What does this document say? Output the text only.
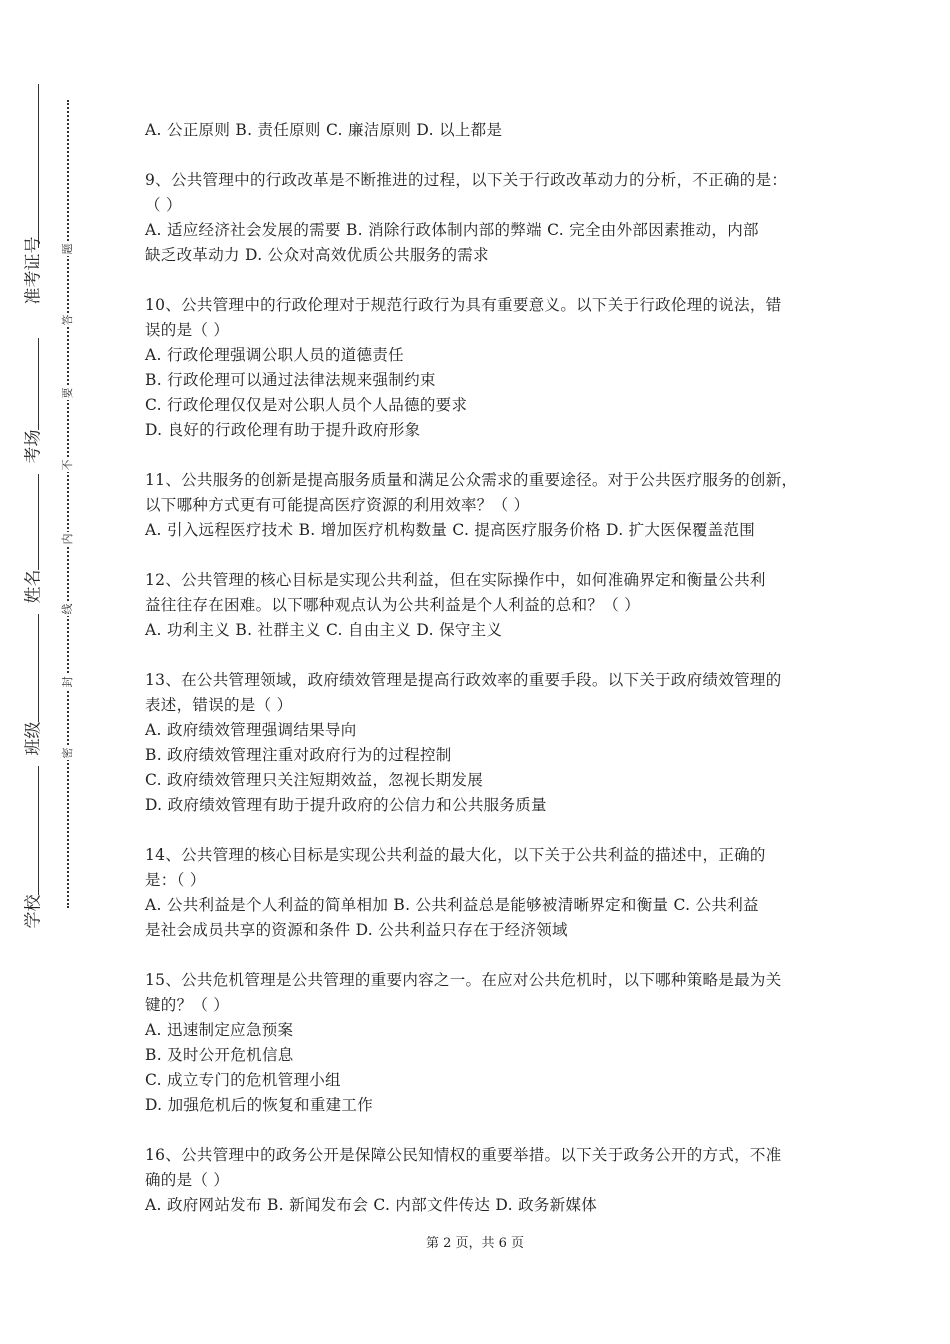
准考证号
考场
姓名
班级
学校
题
答
要
不
内
线
封
密

A. 公正原则 B. 责任原则 C. 廉洁原则 D. 以上都是

9、公共管理中的行政改革是不断推进的过程，以下关于行政改革动力的分析，不正确的是：

（ ）

A. 适应经济社会发展的需要 B. 消除行政体制内部的弊端 C. 完全由外部因素推动，内部

缺乏改革动力 D. 公众对高效优质公共服务的需求

10、公共管理中的行政伦理对于规范行政行为具有重要意义。以下关于行政伦理的说法，错

误的是（ ）

A. 行政伦理强调公职人员的道德责任

B. 行政伦理可以通过法律法规来强制约束

C. 行政伦理仅仅是对公职人员个人品德的要求

D. 良好的行政伦理有助于提升政府形象

11、公共服务的创新是提高服务质量和满足公众需求的重要途径。对于公共医疗服务的创新，

以下哪种方式更有可能提高医疗资源的利用效率？（ ）

A. 引入远程医疗技术 B. 增加医疗机构数量 C. 提高医疗服务价格 D. 扩大医保覆盖范围

12、公共管理的核心目标是实现公共利益，但在实际操作中，如何准确界定和衡量公共利

益往往存在困难。以下哪种观点认为公共利益是个人利益的总和？（ ）

A. 功利主义 B. 社群主义 C. 自由主义 D. 保守主义

13、在公共管理领域，政府绩效管理是提高行政效率的重要手段。以下关于政府绩效管理的

表述，错误的是（ ）

A. 政府绩效管理强调结果导向

B. 政府绩效管理注重对政府行为的过程控制

C. 政府绩效管理只关注短期效益，忽视长期发展

D. 政府绩效管理有助于提升政府的公信力和公共服务质量

14、公共管理的核心目标是实现公共利益的最大化，以下关于公共利益的描述中，正确的

是：（ ）

A. 公共利益是个人利益的简单相加 B. 公共利益总是能够被清晰界定和衡量 C. 公共利益

是社会成员共享的资源和条件 D. 公共利益只存在于经济领域

15、公共危机管理是公共管理的重要内容之一。在应对公共危机时，以下哪种策略是最为关

键的？（ ）

A. 迅速制定应急预案

B. 及时公开危机信息

C. 成立专门的危机管理小组

D. 加强危机后的恢复和重建工作

16、公共管理中的政务公开是保障公民知情权的重要举措。以下关于政务公开的方式，不准

确的是（ ）

A. 政府网站发布 B. 新闻发布会 C. 内部文件传达 D. 政务新媒体

第 2 页，共 6 页
